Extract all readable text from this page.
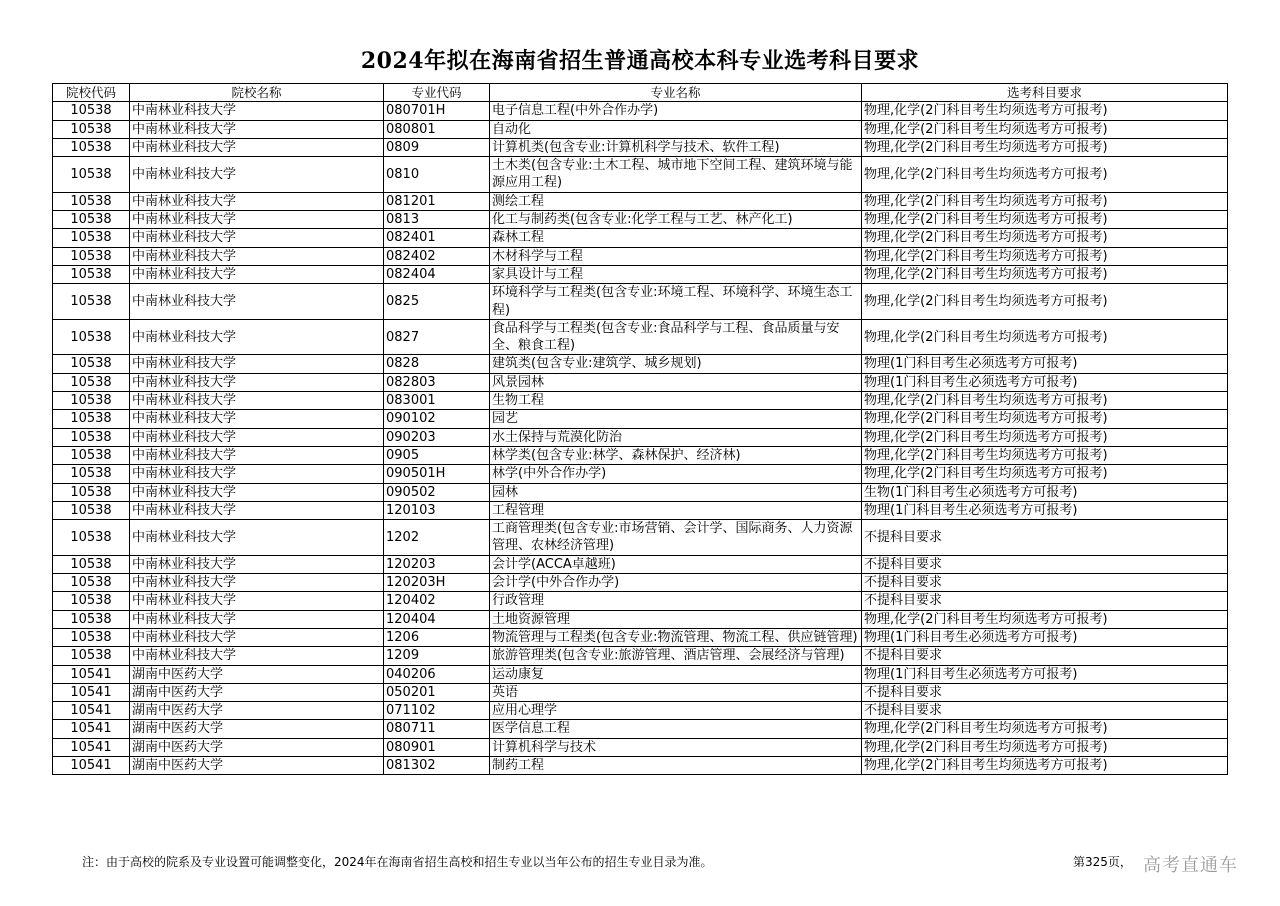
2024年拟在海南省招生普通高校本科专业选考科目要求
院校代码	院校名称	专业代码	专业名称	选考科目要求
10538	中南林业科技大学	080701H	电子信息工程(中外合作办学)	物理,化学(2门科目考生均须选考方可报考)
10538	中南林业科技大学	080801	自动化	物理,化学(2门科目考生均须选考方可报考)
10538	中南林业科技大学	0809	计算机类(包含专业:计算机科学与技术、软件工程)	物理,化学(2门科目考生均须选考方可报考)
10538	中南林业科技大学	0810	土木类(包含专业:土木工程、城市地下空间工程、建筑环境与能源应用工程)	物理,化学(2门科目考生均须选考方可报考)
10538	中南林业科技大学	081201	测绘工程	物理,化学(2门科目考生均须选考方可报考)
10538	中南林业科技大学	0813	化工与制药类(包含专业:化学工程与工艺、林产化工)	物理,化学(2门科目考生均须选考方可报考)
10538	中南林业科技大学	082401	森林工程	物理,化学(2门科目考生均须选考方可报考)
10538	中南林业科技大学	082402	木材科学与工程	物理,化学(2门科目考生均须选考方可报考)
10538	中南林业科技大学	082404	家具设计与工程	物理,化学(2门科目考生均须选考方可报考)
10538	中南林业科技大学	0825	环境科学与工程类(包含专业:环境工程、环境科学、环境生态工程)	物理,化学(2门科目考生均须选考方可报考)
10538	中南林业科技大学	0827	食品科学与工程类(包含专业:食品科学与工程、食品质量与安全、粮食工程)	物理,化学(2门科目考生均须选考方可报考)
10538	中南林业科技大学	0828	建筑类(包含专业:建筑学、城乡规划)	物理(1门科目考生必须选考方可报考)
10538	中南林业科技大学	082803	风景园林	物理(1门科目考生必须选考方可报考)
10538	中南林业科技大学	083001	生物工程	物理,化学(2门科目考生均须选考方可报考)
10538	中南林业科技大学	090102	园艺	物理,化学(2门科目考生均须选考方可报考)
10538	中南林业科技大学	090203	水土保持与荒漠化防治	物理,化学(2门科目考生均须选考方可报考)
10538	中南林业科技大学	0905	林学类(包含专业:林学、森林保护、经济林)	物理,化学(2门科目考生均须选考方可报考)
10538	中南林业科技大学	090501H	林学(中外合作办学)	物理,化学(2门科目考生均须选考方可报考)
10538	中南林业科技大学	090502	园林	生物(1门科目考生必须选考方可报考)
10538	中南林业科技大学	120103	工程管理	物理(1门科目考生必须选考方可报考)
10538	中南林业科技大学	1202	工商管理类(包含专业:市场营销、会计学、国际商务、人力资源管理、农林经济管理)	不提科目要求
10538	中南林业科技大学	120203	会计学(ACCA卓越班)	不提科目要求
10538	中南林业科技大学	120203H	会计学(中外合作办学)	不提科目要求
10538	中南林业科技大学	120402	行政管理	不提科目要求
10538	中南林业科技大学	120404	土地资源管理	物理,化学(2门科目考生均须选考方可报考)
10538	中南林业科技大学	1206	物流管理与工程类(包含专业:物流管理、物流工程、供应链管理)	物理(1门科目考生必须选考方可报考)
10538	中南林业科技大学	1209	旅游管理类(包含专业:旅游管理、酒店管理、会展经济与管理)	不提科目要求
10541	湖南中医药大学	040206	运动康复	物理(1门科目考生必须选考方可报考)
10541	湖南中医药大学	050201	英语	不提科目要求
10541	湖南中医药大学	071102	应用心理学	不提科目要求
10541	湖南中医药大学	080711	医学信息工程	物理,化学(2门科目考生均须选考方可报考)
10541	湖南中医药大学	080901	计算机科学与技术	物理,化学(2门科目考生均须选考方可报考)
10541	湖南中医药大学	081302	制药工程	物理,化学(2门科目考生均须选考方可报考)
注：由于高校的院系及专业设置可能调整变化，2024年在海南省招生高校和招生专业以当年公布的招生专业目录为准。	第325页， 高考直通车
